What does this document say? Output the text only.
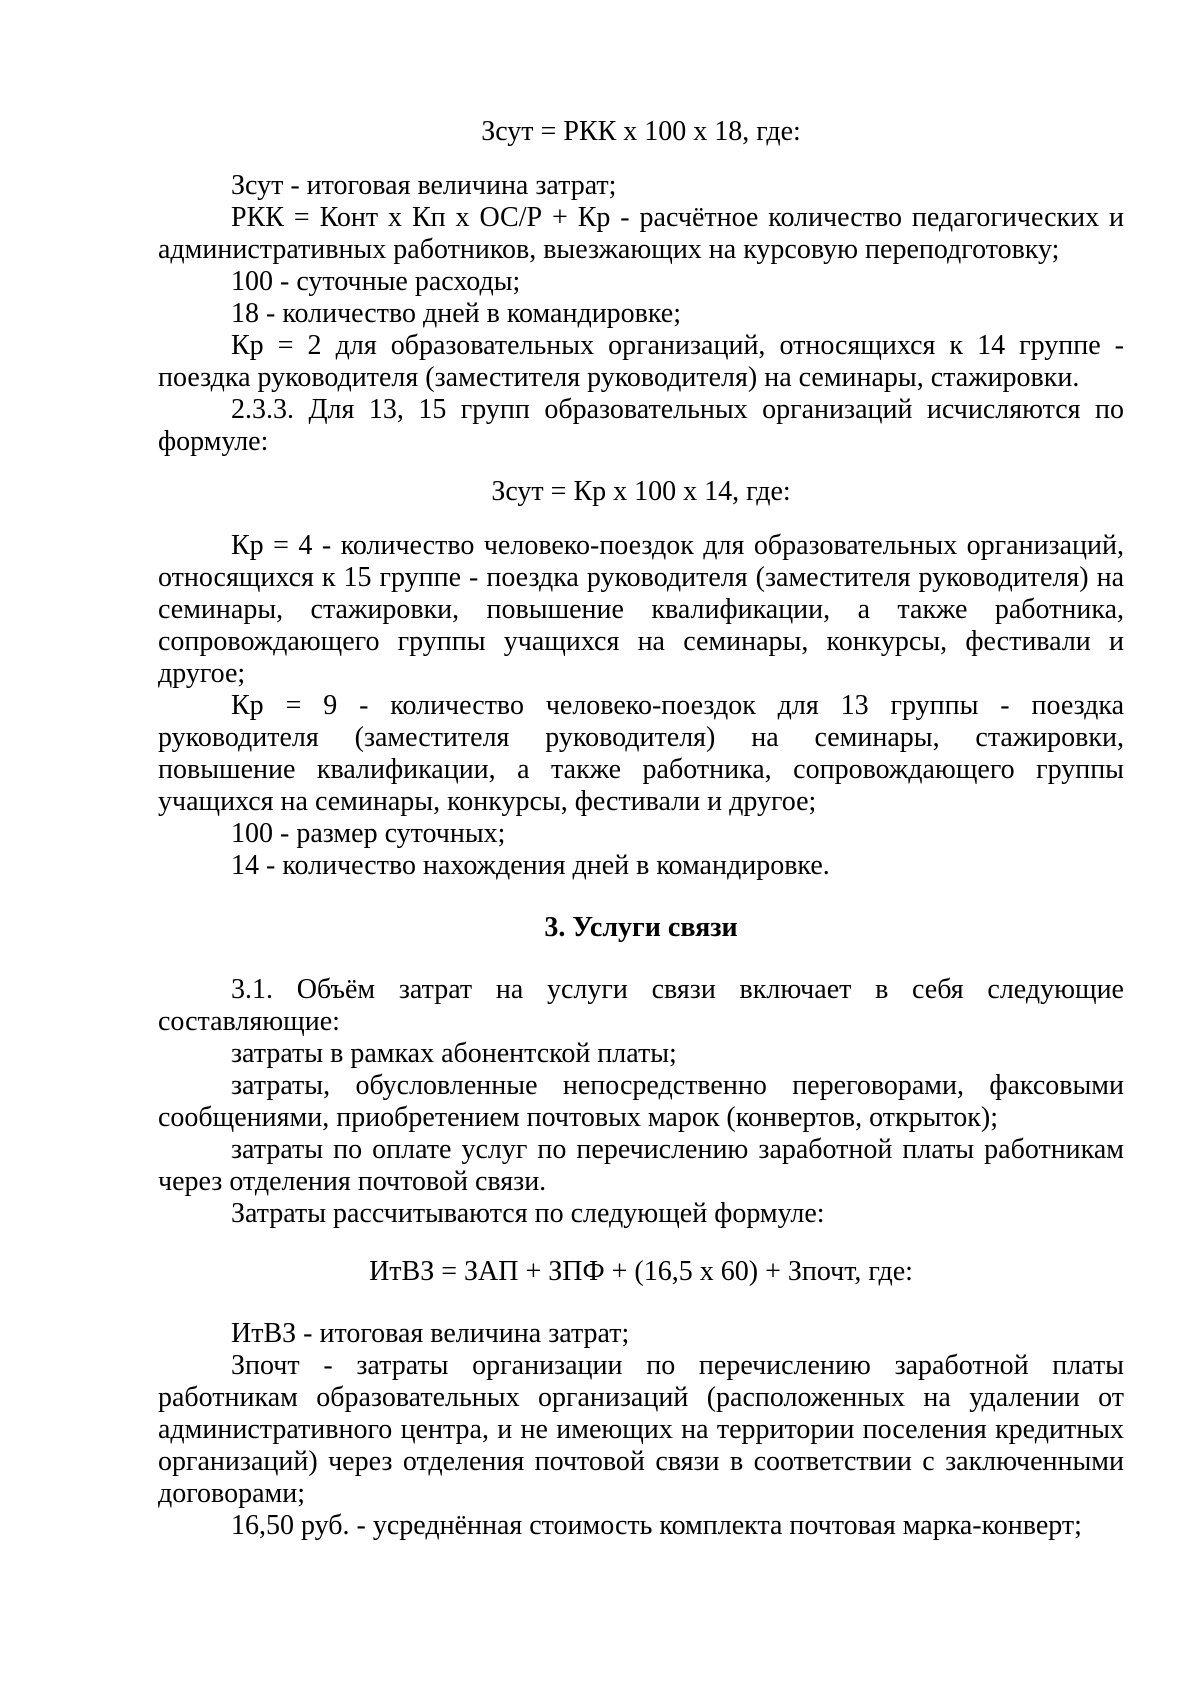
Зсут = РКК х 100 х 18, где:

Зсут - итоговая величина затрат;

РКК = Конт х Кп х ОС/Р + Кр - расчётное количество педагогических и административных работников, выезжающих на курсовую переподготовку;

100 - суточные расходы;

18 - количество дней в командировке;

Кр = 2 для образовательных организаций, относящихся к 14 группе - поездка руководителя (заместителя руководителя) на семинары, стажировки.

2.3.3. Для 13, 15 групп образовательных организаций исчисляются по формуле:

Зсут = Кр х 100 х 14, где:

Кр = 4 - количество человеко-поездок для образовательных организаций, относящихся к 15 группе - поездка руководителя (заместителя руководителя) на семинары, стажировки, повышение квалификации, а также работника, сопровождающего группы учащихся на семинары, конкурсы, фестивали и другое;

Кр = 9 - количество человеко-поездок для 13 группы - поездка руководителя (заместителя руководителя) на семинары, стажировки, повышение квалификации, а также работника, сопровождающего группы учащихся на семинары, конкурсы, фестивали и другое;

100 - размер суточных;

14 - количество нахождения дней в командировке.

3. Услуги связи

3.1. Объём затрат на услуги связи включает в себя следующие составляющие:

затраты в рамках абонентской платы;

затраты, обусловленные непосредственно переговорами, факсовыми сообщениями, приобретением почтовых марок (конвертов, открыток);

затраты по оплате услуг по перечислению заработной платы работникам через отделения почтовой связи.

Затраты рассчитываются по следующей формуле:

ИтВЗ = ЗАП + ЗПФ + (16,5 х 60) + Зпочт, где:

ИтВЗ - итоговая величина затрат;

Зпочт - затраты организации по перечислению заработной платы работникам образовательных организаций (расположенных на удалении от административного центра, и не имеющих на территории поселения кредитных организаций) через отделения почтовой связи в соответствии с заключенными договорами;

16,50 руб. - усреднённая стоимость комплекта почтовая марка-конверт;
